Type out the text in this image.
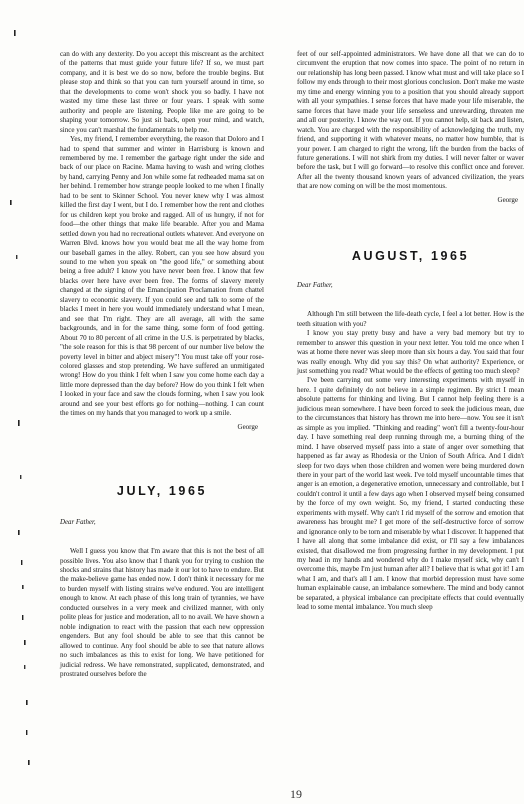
can do with any dexterity. Do you accept this miscreant as the architect of the patterns that must guide your future life? If so, we must part company, and it is best we do so now, before the trouble begins. But please stop and think so that you can turn yourself around in time, so that the developments to come won't shock you so badly. I have not wasted my time these last three or four years. I speak with some authority and people are listening. People like me are going to be shaping your tomorrow. So just sit back, open your mind, and watch, since you can't marshal the fundamentals to help me.

Yes, my friend, I remember everything, the reason that Doloro and I had to spend that summer and winter in Harrisburg is known and remembered by me. I remember the garbage right under the side and back of our place on Racine. Mama having to wash and wring clothes by hand, carrying Penny and Jon while some fat redheaded mama sat on her behind. I remember how strange people looked to me when I finally had to be sent to Skinner School. You never knew why I was almost killed the first day I went, but I do. I remember how the rent and clothes for us children kept you broke and ragged. All of us hungry, if not for food—the other things that make life bearable. After you and Mama settled down you had no recreational outlets whatever. And everyone on Warren Blvd. knows how you would beat me all the way home from our baseball games in the alley. Robert, can you see how absurd you sound to me when you speak on "the good life," or something about being a free adult? I know you have never been free. I know that few blacks over here have ever been free. The forms of slavery merely changed at the signing of the Emancipation Proclamation from chattel slavery to economic slavery. If you could see and talk to some of the blacks I meet in here you would immediately understand what I mean, and see that I'm right. They are all average, all with the same backgrounds, and in for the same thing, some form of food getting. About 70 to 80 percent of all crime in the U.S. is perpetrated by blacks, "the sole reason for this is that 98 percent of our number live below the poverty level in bitter and abject misery"! You must take off your rose-colored glasses and stop pretending. We have suffered an unmitigated wrong! How do you think I felt when I saw you come home each day a little more depressed than the day before? How do you think I felt when I looked in your face and saw the clouds forming, when I saw you look around and see your best efforts go for nothing—nothing. I can count the times on my hands that you managed to work up a smile.

George
JULY, 1965
Dear Father,

Well I guess you know that I'm aware that this is not the best of all possible lives. You also know that I thank you for trying to cushion the shocks and strains that history has made it our lot to have to endure. But the make-believe game has ended now. I don't think it necessary for me to burden myself with listing strains we've endured. You are intelligent enough to know. At each phase of this long train of tyrannies, we have conducted ourselves in a very meek and civilized manner, with only polite pleas for justice and moderation, all to no avail. We have shown a noble indignation to react with the passion that each new oppression engenders. But any fool should be able to see that this cannot be allowed to continue. Any fool should be able to see that nature allows no such imbalances as this to exist for long. We have petitioned for judicial redress. We have remonstrated, supplicated, demonstrated, and prostrated ourselves before the

feet of our self-appointed administrators. We have done all that we can do to circumvent the eruption that now comes into space. The point of no return in our relationship has long been passed. I know what must and will take place so I follow my ends through to their most glorious conclusion. Don't make me waste my time and energy winning you to a position that you should already support with all your sympathies. I sense forces that have made your life miserable, the same forces that have made your life senseless and unrewarding, threaten me and all our posterity. I know the way out. If you cannot help, sit back and listen, watch. You are charged with the responsibility of acknowledging the truth, my friend, and supporting it with whatever means, no matter how humble, that is your power. I am charged to right the wrong, lift the burden from the backs of future generations. I will not shirk from my duties. I will never falter or waver before the task, but I will go forward—to resolve this conflict once and forever. After all the twenty thousand known years of advanced civilization, the years that are now coming on will be the most momentous.

George
AUGUST, 1965
Dear Father,

Although I'm still between the life-death cycle, I feel a lot better. How is the teeth situation with you?

I know you stay pretty busy and have a very bad memory but try to remember to answer this question in your next letter. You told me once when I was at home there never was sleep more than six hours a day. You said that four was really enough. Why did you say this? On what authority? Experience, or just something you read? What would be the effects of getting too much sleep?

I've been carrying out some very interesting experiments with myself in here. I quite definitely do not believe in a simple regimen. By strict I mean absolute patterns for thinking and living. But I cannot help feeling there is a judicious mean somewhere. I have been forced to seek the judicious mean, due to the circumstances that history has thrown me into here—now. You see it isn't as simple as you implied. "Thinking and reading" won't fill a twenty-four-hour day. I have something real deep running through me, a burning thing of the mind. I have observed myself pass into a state of anger over something that happened as far away as Rhodesia or the Union of South Africa. And I didn't sleep for two days when those children and women were being murdered down there in your part of the world last week. I've told myself uncountable times that anger is an emotion, a degenerative emotion, unnecessary and controllable, but I couldn't control it until a few days ago when I observed myself being consumed by the force of my own weight. So, my friend, I started conducting these experiments with myself. Why can't I rid myself of the sorrow and emotion that awareness has brought me? I get more of the self-destructive force of sorrow and ignorance only to be torn and miserable by what I discover. It happened that I have all along that some imbalance did exist, or I'll say a few imbalances existed, that disallowed me from progressing further in my development. I put my head in my hands and wondered why do I make myself sick, why can't I overcome this, maybe I'm just human after all? I believe that is what got it! I am what I am, and that's all I am. I know that morbid depression must have some human explainable cause, an imbalance somewhere. The mind and body cannot be separated, a physical imbalance can precipitate effects that could eventually lead to some mental imbalance. You much sleep

19
